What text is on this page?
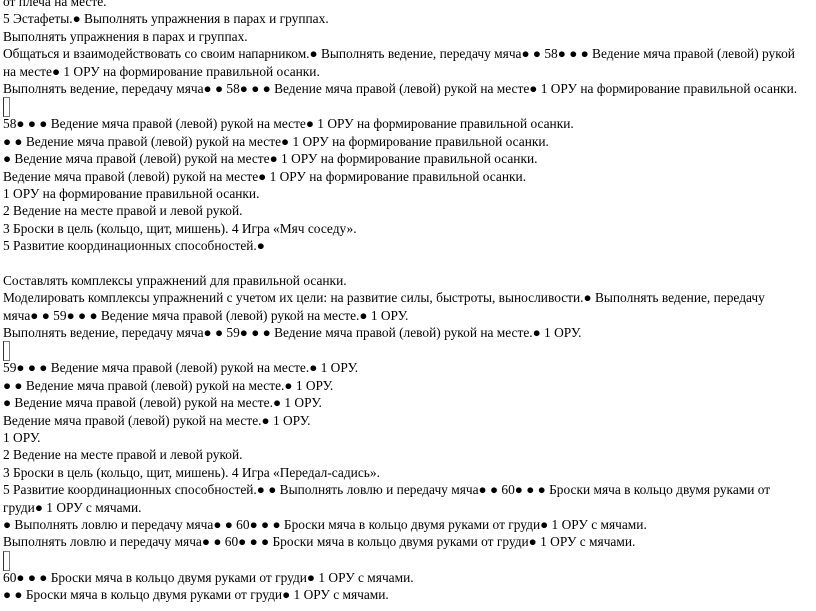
от плеча на месте.
5 Эстафеты.● Выполнять упражнения в парах и группах.
Выполнять упражнения в парах и группах.
Общаться и взаимодействовать со своим напарником.● Выполнять ведение, передачу мяча● ● 58● ● ● Ведение мяча правой (левой) рукой
на месте● 1 ОРУ на формирование правильной осанки.
Выполнять ведение, передачу мяча● ● 58● ● ● Ведение мяча правой (левой) рукой на месте● 1 ОРУ на формирование правильной осанки.
58● ● ● Ведение мяча правой (левой) рукой на месте● 1 ОРУ на формирование правильной осанки.
● ● Ведение мяча правой (левой) рукой на месте● 1 ОРУ на формирование правильной осанки.
● Ведение мяча правой (левой) рукой на месте● 1 ОРУ на формирование правильной осанки.
Ведение мяча правой (левой) рукой на месте● 1 ОРУ на формирование правильной осанки.
1 ОРУ на формирование правильной осанки.
2 Ведение на месте правой и левой рукой.
3 Броски в цель (кольцо, щит, мишень). 4 Игра «Мяч соседу».
5 Развитие координационных способностей.●
Составлять комплексы упражнений для правильной осанки.
Моделировать комплексы упражнений с учетом их цели: на развитие силы, быстроты, выносливости.● Выполнять ведение, передачу
мяча● ● 59● ● ● Ведение мяча правой (левой) рукой на месте.● 1 ОРУ.
Выполнять ведение, передачу мяча● ● 59● ● ● Ведение мяча правой (левой) рукой на месте.● 1 ОРУ.
59● ● ● Ведение мяча правой (левой) рукой на месте.● 1 ОРУ.
● ● Ведение мяча правой (левой) рукой на месте.● 1 ОРУ.
● Ведение мяча правой (левой) рукой на месте.● 1 ОРУ.
Ведение мяча правой (левой) рукой на месте.● 1 ОРУ.
1 ОРУ.
2 Ведение на месте правой и левой рукой.
3 Броски в цель (кольцо, щит, мишень). 4 Игра «Передал-садись».
5 Развитие координационных способностей.● ● Выполнять ловлю и передачу мяча● ● 60● ● ● Броски мяча в кольцо двумя руками от
груди● 1 ОРУ с мячами.
● Выполнять ловлю и передачу мяча● ● 60● ● ● Броски мяча в кольцо двумя руками от груди● 1 ОРУ с мячами.
Выполнять ловлю и передачу мяча● ● 60● ● ● Броски мяча в кольцо двумя руками от груди● 1 ОРУ с мячами.
60● ● ● Броски мяча в кольцо двумя руками от груди● 1 ОРУ с мячами.
● ● Броски мяча в кольцо двумя руками от груди● 1 ОРУ с мячами.
